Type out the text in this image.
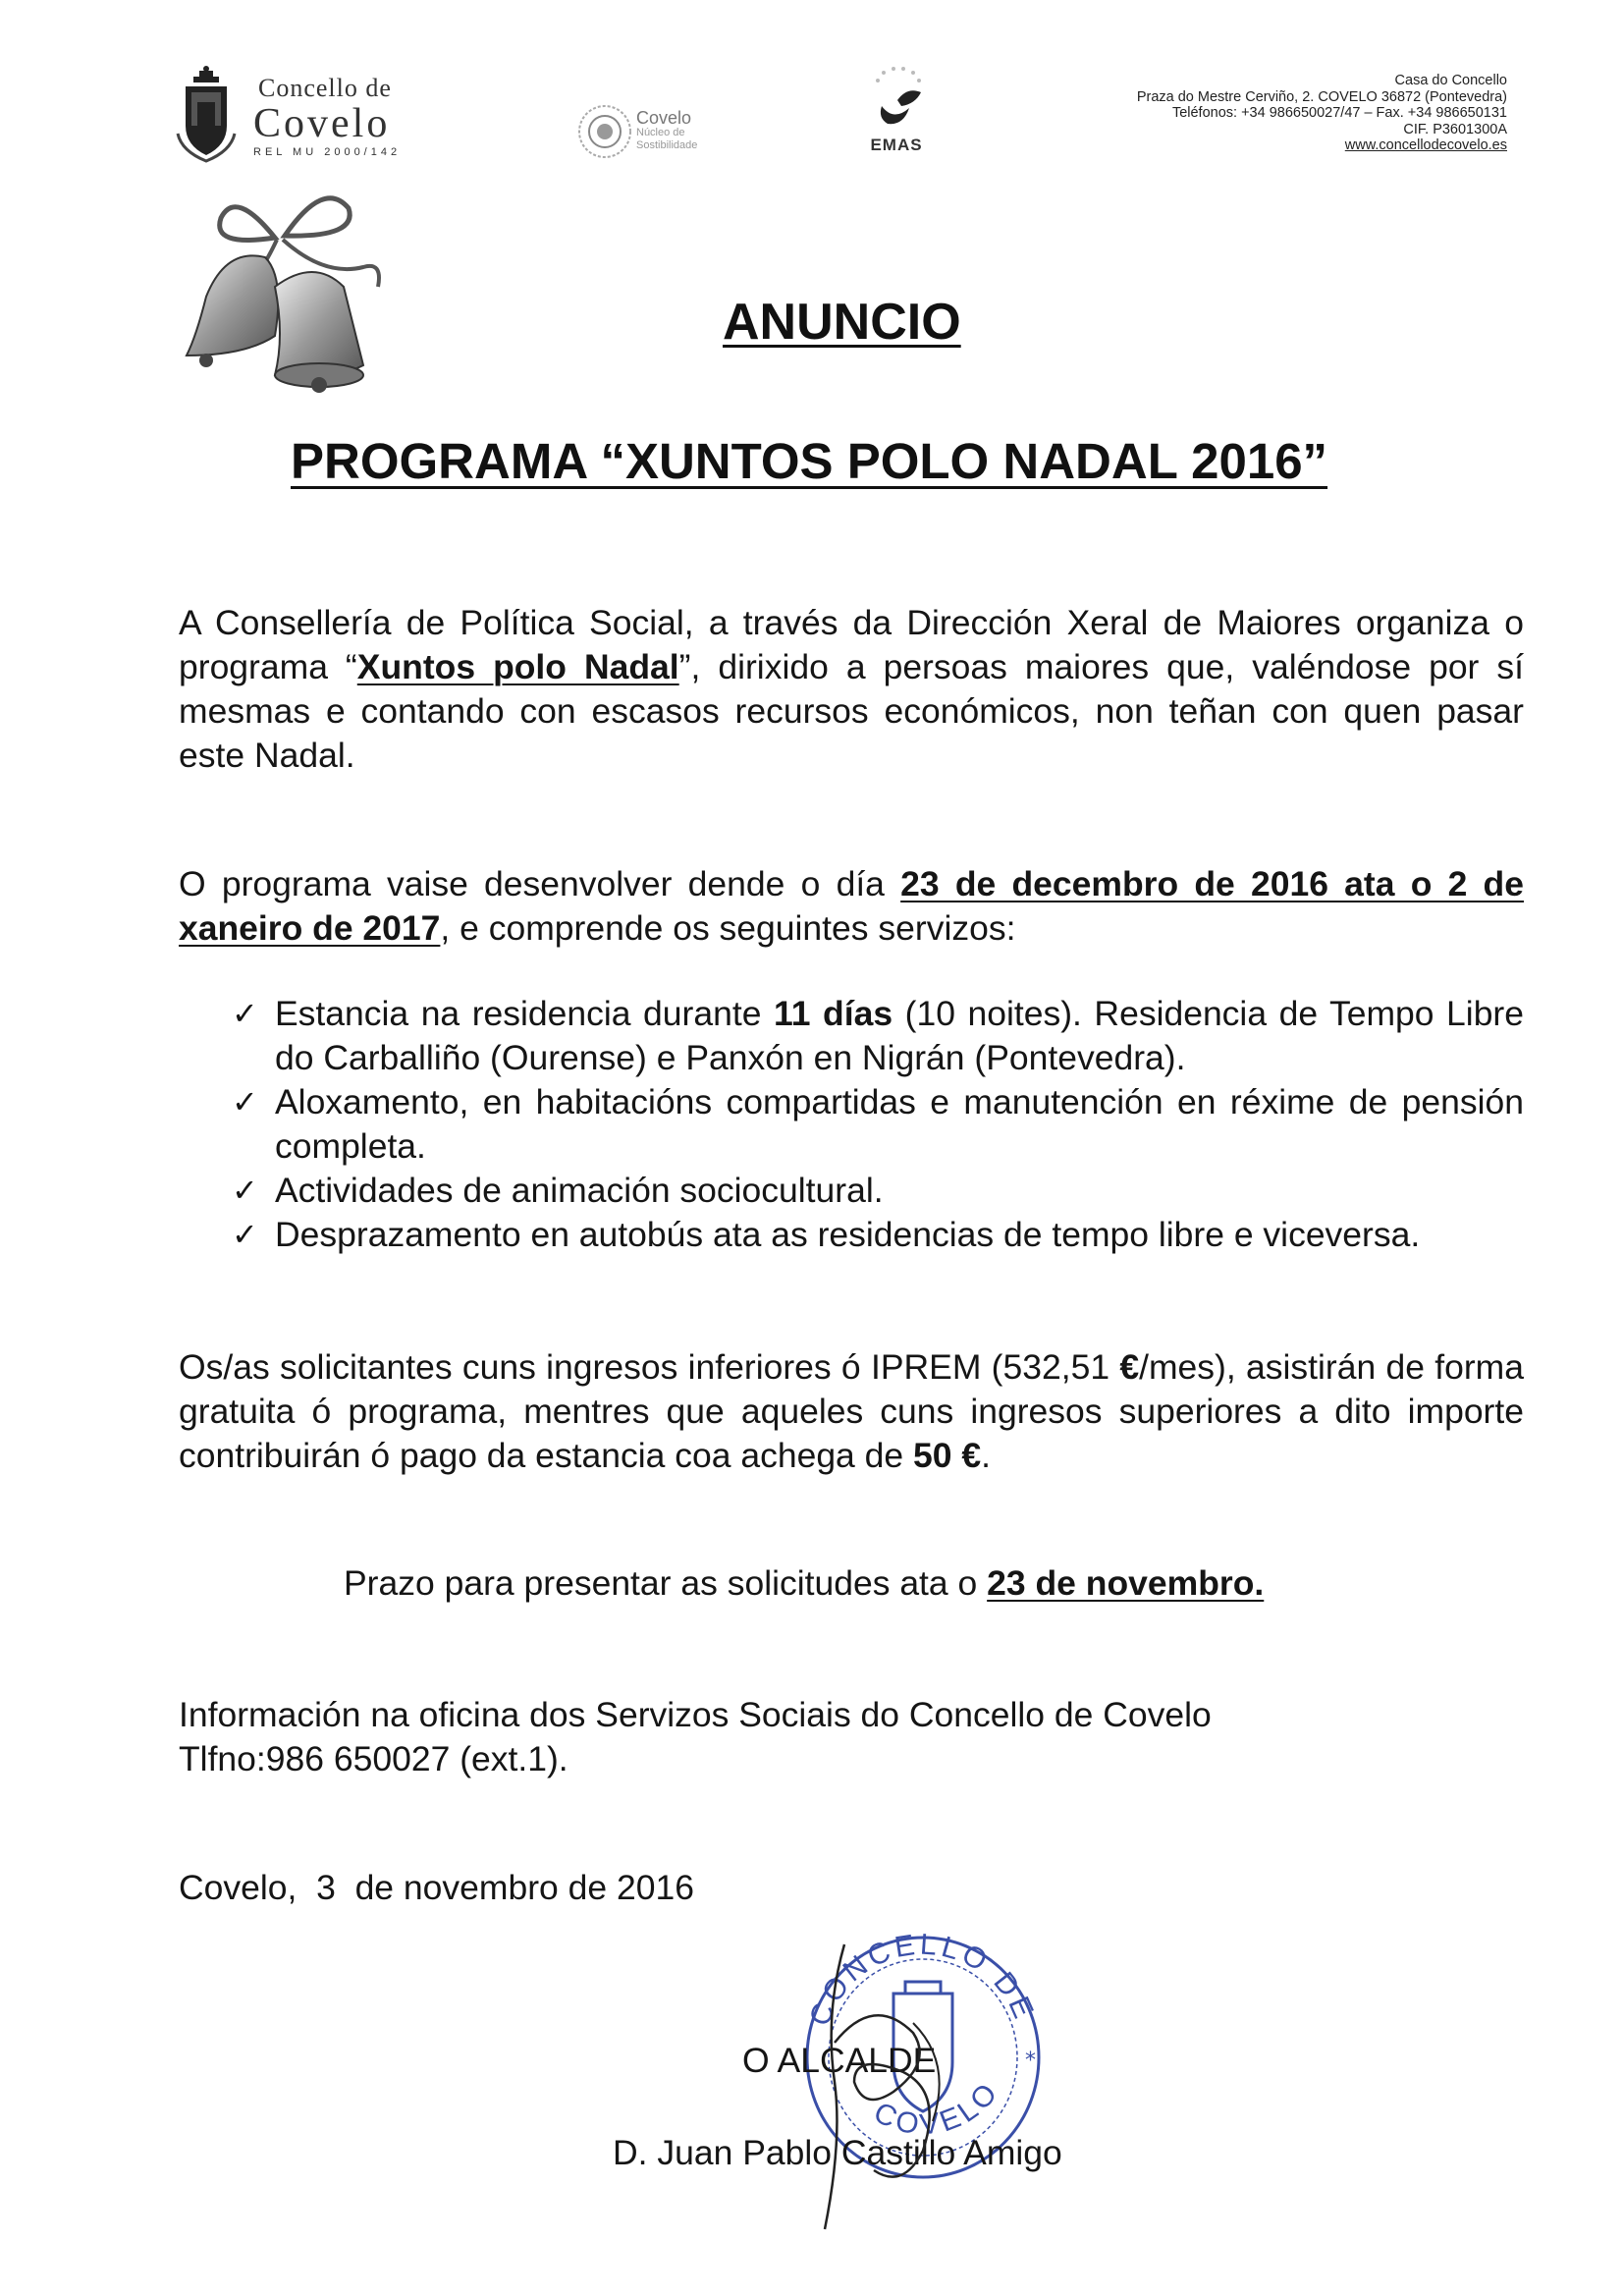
Concello de
Covelo
REL MU 2000/142
Covelo
Núcleo de
Sostibilidade	EMAS
Casa do Concello
Praza do Mestre Cerviño, 2. COVELO 36872 (Pontevedra)
Teléfonos: +34 986650027/47 – Fax. +34 986650131
CIF. P3601300A
www.concellodecovelo.es
ANUNCIO
PROGRAMA “XUNTOS POLO NADAL 2016”
A Consellería de Política Social, a través da Dirección Xeral de Maiores organiza o programa “Xuntos polo Nadal”, dirixido a persoas maiores que, valéndose por sí mesmas e contando con escasos recursos económicos, non teñan con quen pasar este Nadal.
O programa vaise desenvolver dende o día 23 de decembro de 2016 ata o 2 de xaneiro de 2017, e comprende os seguintes servizos:
✓ Estancia na residencia durante 11 días (10 noites). Residencia de Tempo Libre do Carballiño (Ourense) e Panxón en Nigrán (Pontevedra).
✓ Aloxamento, en habitacións compartidas e manutención en réxime de pensión completa.
✓ Actividades de animación sociocultural.
✓ Desprazamento en autobús ata as residencias de tempo libre e viceversa.
Os/as solicitantes cuns ingresos inferiores ó IPREM (532,51 €/mes), asistirán de forma gratuita ó programa, mentres que aqueles cuns ingresos superiores a dito importe contribuirán ó pago da estancia coa achega de 50 €.
Prazo para presentar as solicitudes ata o 23 de novembro.
Información na oficina dos Servizos Sociais do Concello de Covelo
Tlfno:986 650027 (ext.1).
Covelo,  3  de novembro de 2016
CONCELLO DE
COVELO
*
O ALCALDE
D. Juan Pablo Castillo Amigo
